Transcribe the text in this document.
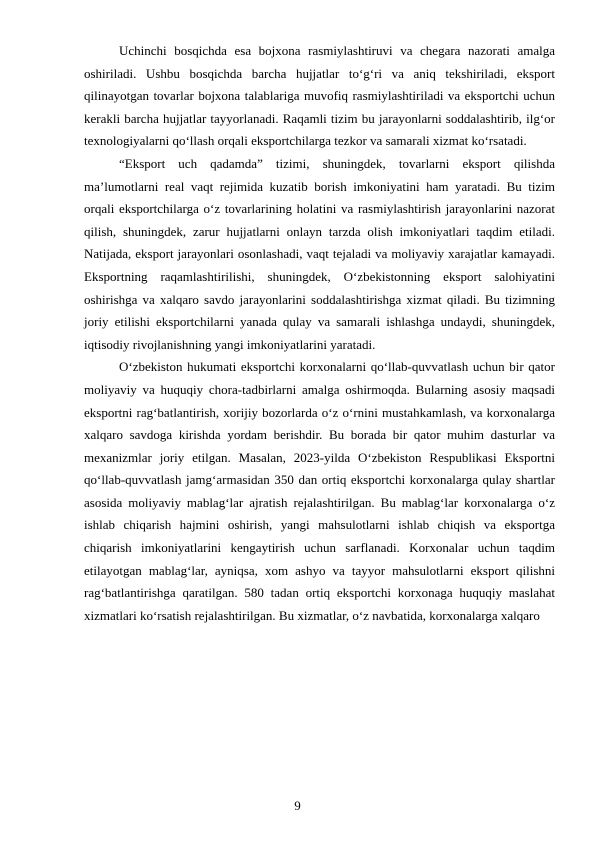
Uchinchi bosqichda esa bojxona rasmiylashtiruvi va chegara nazorati amalga oshiriladi. Ushbu bosqichda barcha hujjatlar to‘g‘ri va aniq tekshiriladi, eksport qilinayotgan tovarlar bojxona talablariga muvofiq rasmiylashtiriladi va eksportchi uchun kerakli barcha hujjatlar tayyorlanadi. Raqamli tizim bu jarayonlarni soddalashtirib, ilg‘or texnologiyalarni qo‘llash orqali eksportchilarga tezkor va samarali xizmat ko‘rsatadi.

“Eksport uch qadamda” tizimi, shuningdek, tovarlarni eksport qilishda ma’lumotlarni real vaqt rejimida kuzatib borish imkoniyatini ham yaratadi. Bu tizim orqali eksportchilarga o‘z tovarlarining holatini va rasmiylashtirish jarayonlarini nazorat qilish, shuningdek, zarur hujjatlarni onlayn tarzda olish imkoniyatlari taqdim etiladi. Natijada, eksport jarayonlari osonlashadi, vaqt tejaladi va moliyaviy xarajatlar kamayadi. Eksportning raqamlashtirilishi, shuningdek, O‘zbekistonning eksport salohiyatini oshirishga va xalqaro savdo jarayonlarini soddalashtirishga xizmat qiladi. Bu tizimning joriy etilishi eksportchilarni yanada qulay va samarali ishlashga undaydi, shuningdek, iqtisodiy rivojlanishning yangi imkoniyatlarini yaratadi.

O‘zbekiston hukumati eksportchi korxonalarni qo‘llab-quvvatlash uchun bir qator moliyaviy va huquqiy chora-tadbirlarni amalga oshirmoqda. Bularning asosiy maqsadi eksportni rag‘batlantirish, xorijiy bozorlarda o‘z o‘rnini mustahkamlash, va korxonalarga xalqaro savdoga kirishda yordam berishdir. Bu borada bir qator muhim dasturlar va mexanizmlar joriy etilgan. Masalan, 2023-yilda O‘zbekiston Respublikasi Eksportni qo‘llab-quvvatlash jamg‘armasidan 350 dan ortiq eksportchi korxonalarga qulay shartlar asosida moliyaviy mablag‘lar ajratish rejalashtirilgan. Bu mablag‘lar korxonalarga o‘z ishlab chiqarish hajmini oshirish, yangi mahsulotlarni ishlab chiqish va eksportga chiqarish imkoniyatlarini kengaytirish uchun sarflanadi. Korxonalar uchun taqdim etilayotgan mablag‘lar, ayniqsa, xom ashyo va tayyor mahsulotlarni eksport qilishni rag‘batlantirishga qaratilgan. 580 tadan ortiq eksportchi korxonaga huquqiy maslahat xizmatlari ko‘rsatish rejalashtirilgan. Bu xizmatlar, o‘z navbatida, korxonalarga xalqaro

9
